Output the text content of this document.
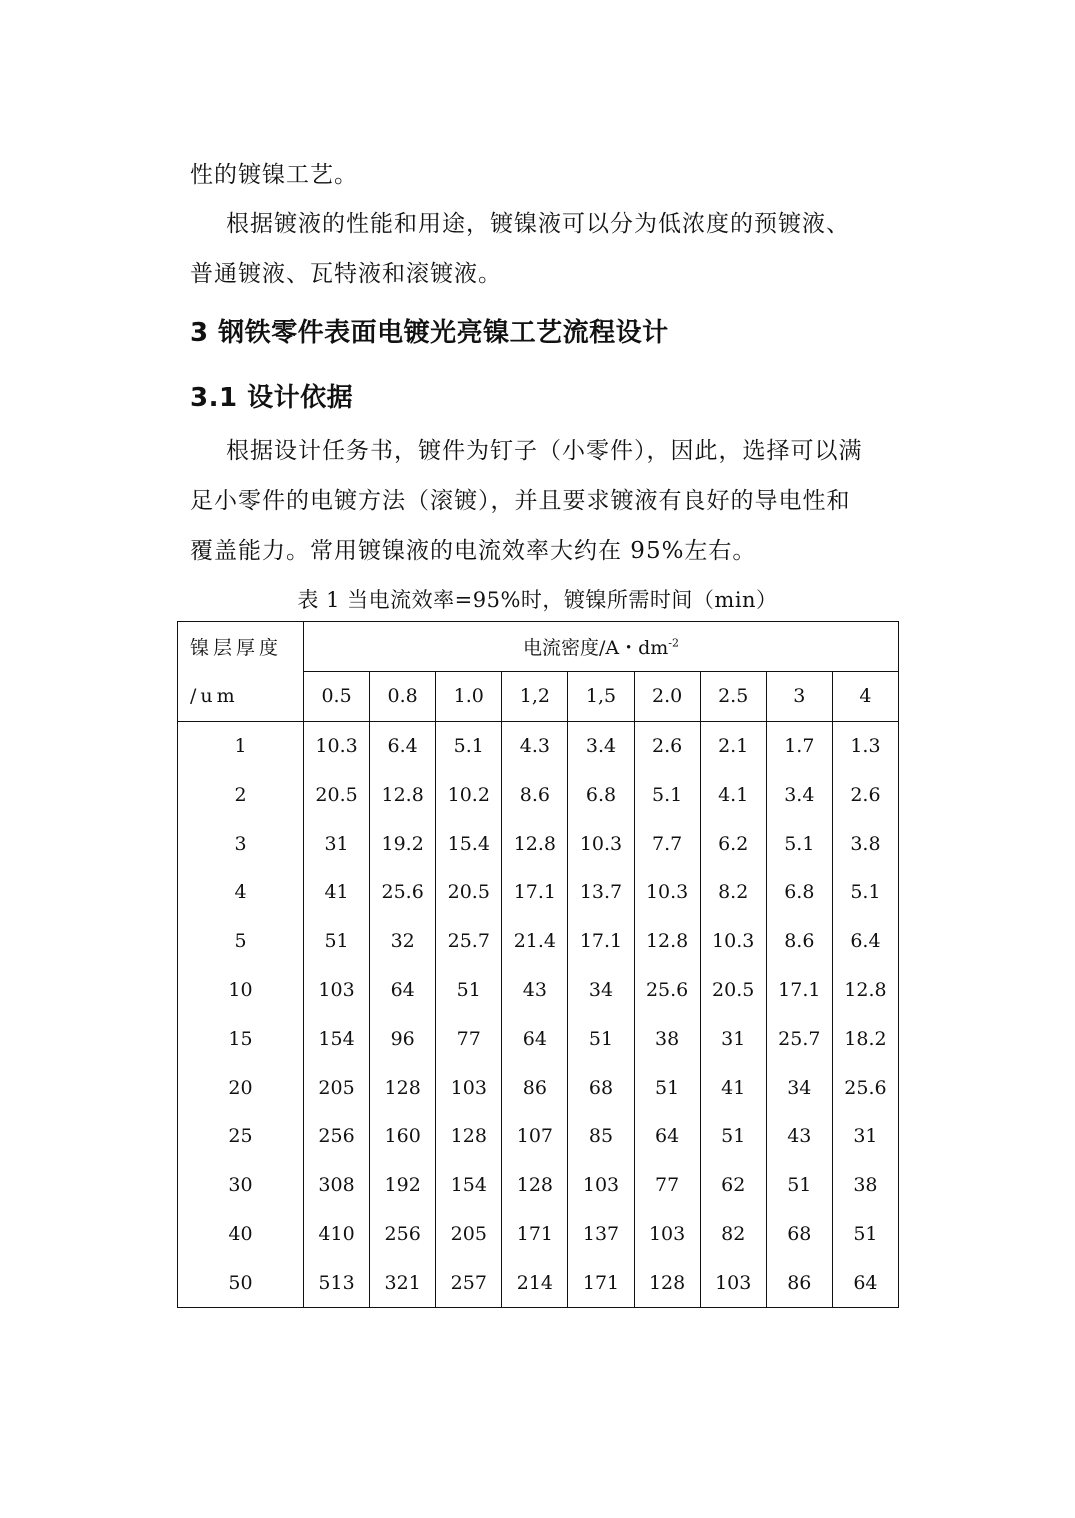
性的镀镍工艺。

根据镀液的性能和用途，镀镍液可以分为低浓度的预镀液、
普通镀液、瓦特液和滚镀液。

3 钢铁零件表面电镀光亮镍工艺流程设计
3.1 设计依据

根据设计任务书，镀件为钉子（小零件），因此，选择可以满
足小零件的电镀方法（滚镀），并且要求镀液有良好的导电性和
覆盖能力。常用镀镍液的电流效率大约在 95%左右。

表 1 当电流效率=95%时，镀镍所需时间（min）

镍层厚度	电流密度/A・$dm^{-2}$
/um	0.5	0.8	1.0	1,2	1,5	2.0	2.5	3	4
1	10.3	6.4	5.1	4.3	3.4	2.6	2.1	1.7	1.3
2	20.5	12.8	10.2	8.6	6.8	5.1	4.1	3.4	2.6
3	31	19.2	15.4	12.8	10.3	7.7	6.2	5.1	3.8
4	41	25.6	20.5	17.1	13.7	10.3	8.2	6.8	5.1
5	51	32	25.7	21.4	17.1	12.8	10.3	8.6	6.4
10	103	64	51	43	34	25.6	20.5	17.1	12.8
15	154	96	77	64	51	38	31	25.7	18.2
20	205	128	103	86	68	51	41	34	25.6
25	256	160	128	107	85	64	51	43	31
30	308	192	154	128	103	77	62	51	38
40	410	256	205	171	137	103	82	68	51
50	513	321	257	214	171	128	103	86	64
